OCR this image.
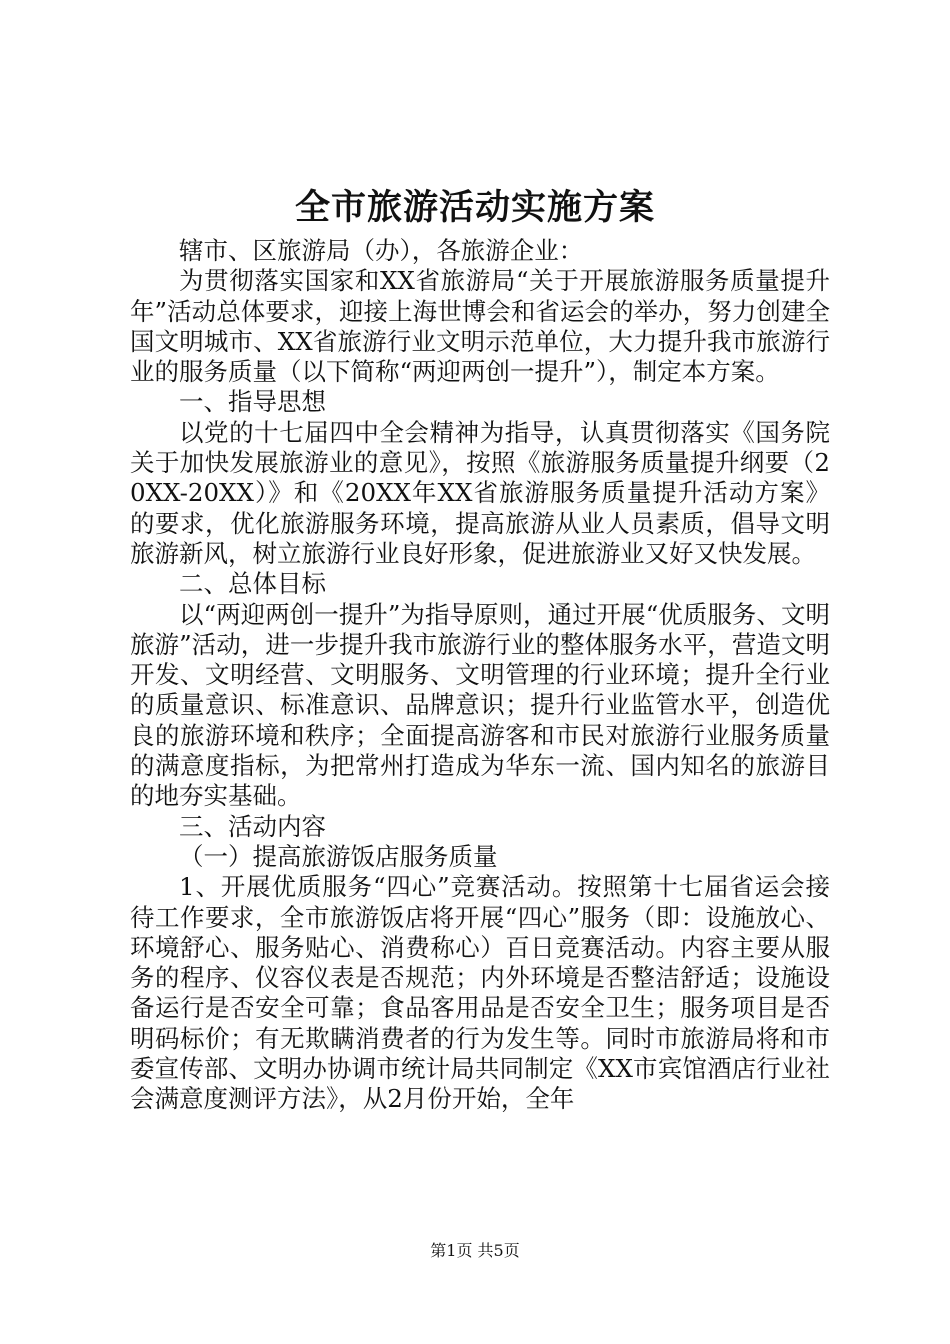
全市旅游活动实施方案

辖市、区旅游局（办），各旅游企业：

为贯彻落实国家和XX省旅游局“关于开展旅游服务质量提升年”活动总体要求，迎接上海世博会和省运会的举办，努力创建全国文明城市、XX省旅游行业文明示范单位，大力提升我市旅游行业的服务质量（以下简称“两迎两创一提升”），制定本方案。

一、指导思想

以党的十七届四中全会精神为指导，认真贯彻落实《国务院关于加快发展旅游业的意见》，按照《旅游服务质量提升纲要（20XX-20XX）》和《20XX年XX省旅游服务质量提升活动方案》的要求，优化旅游服务环境，提高旅游从业人员素质，倡导文明旅游新风，树立旅游行业良好形象，促进旅游业又好又快发展。

二、总体目标

以“两迎两创一提升”为指导原则，通过开展“优质服务、文明旅游”活动，进一步提升我市旅游行业的整体服务水平，营造文明开发、文明经营、文明服务、文明管理的行业环境；提升全行业的质量意识、标准意识、品牌意识；提升行业监管水平，创造优良的旅游环境和秩序；全面提高游客和市民对旅游行业服务质量的满意度指标，为把常州打造成为华东一流、国内知名的旅游目的地夯实基础。

三、活动内容

（一）提高旅游饭店服务质量

1、开展优质服务“四心”竞赛活动。按照第十七届省运会接待工作要求，全市旅游饭店将开展“四心”服务（即：设施放心、环境舒心、服务贴心、消费称心）百日竞赛活动。内容主要从服务的程序、仪容仪表是否规范；内外环境是否整洁舒适；设施设备运行是否安全可靠；食品客用品是否安全卫生；服务项目是否明码标价；有无欺瞒消费者的行为发生等。同时市旅游局将和市委宣传部、文明办协调市统计局共同制定《XX市宾馆酒店行业社会满意度测评方法》，从2月份开始，全年

第1页 共5页
